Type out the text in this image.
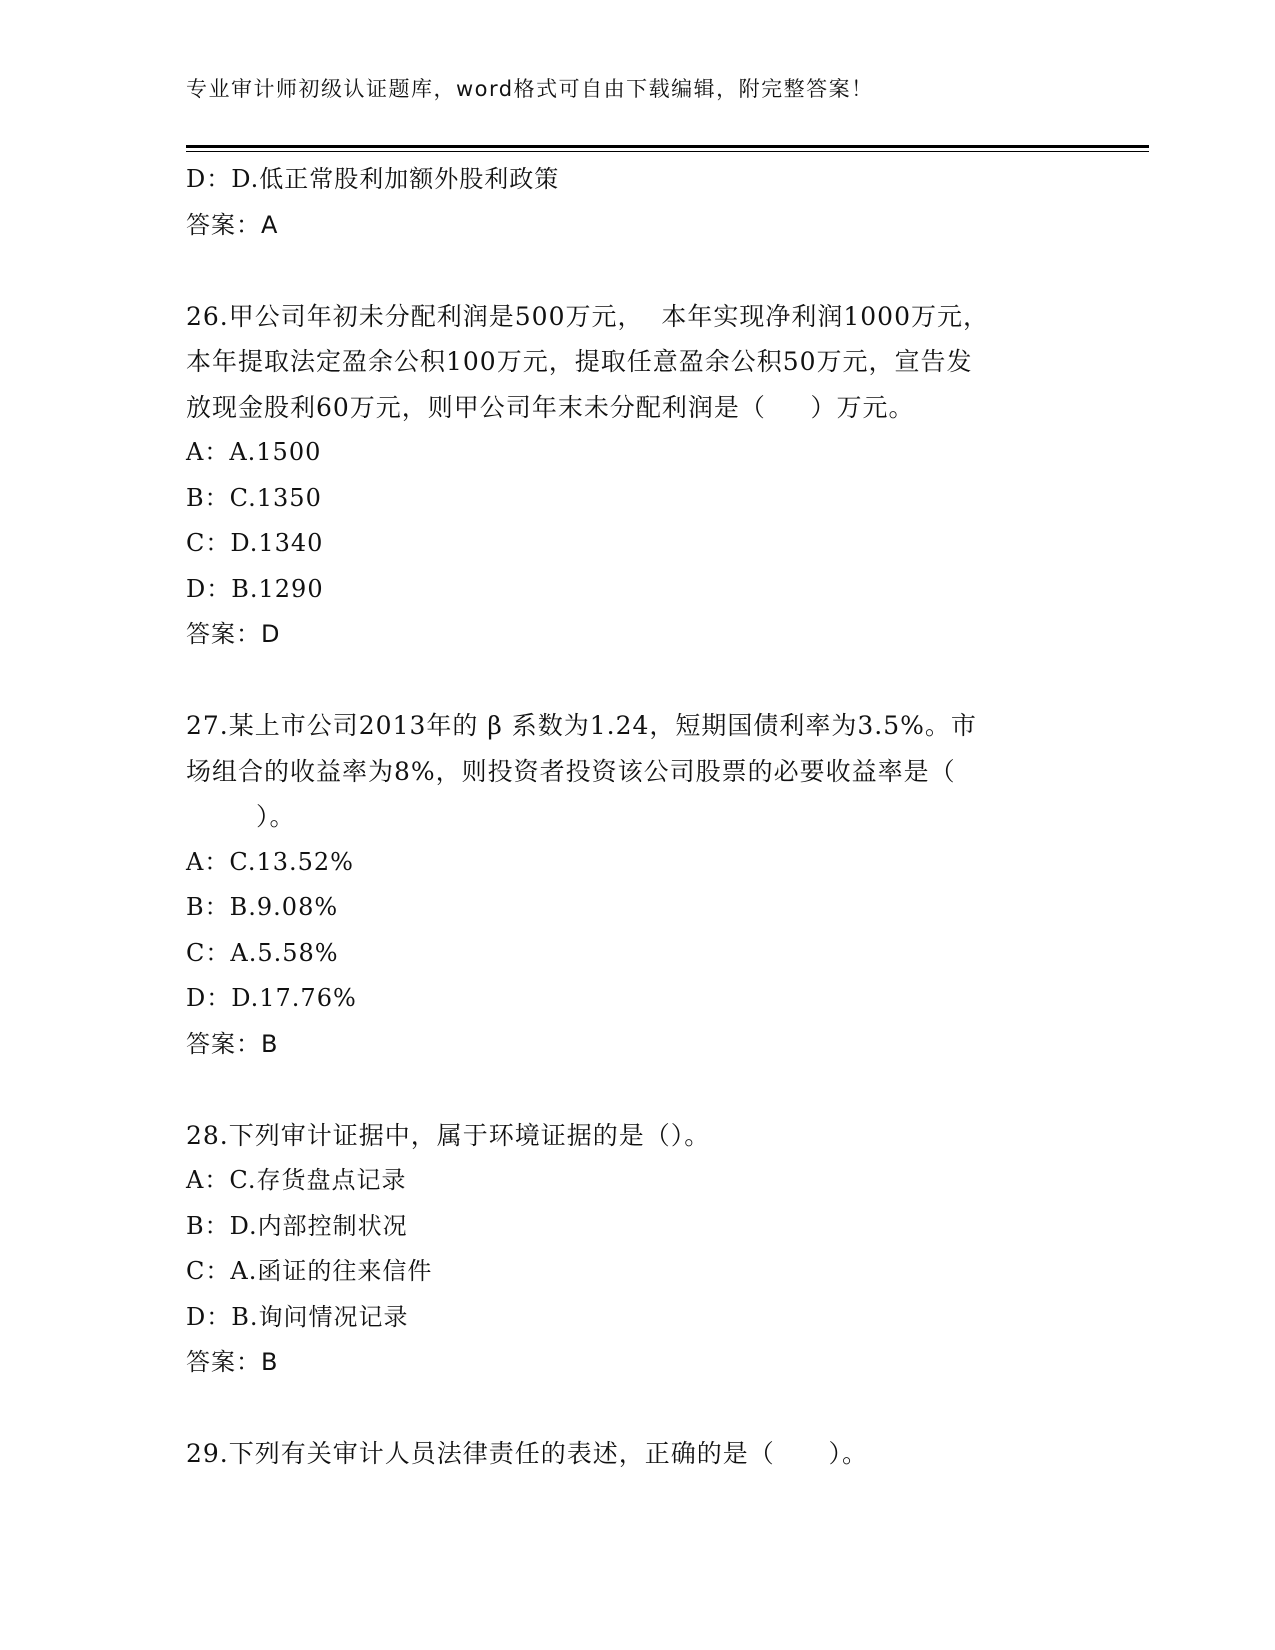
专业审计师初级认证题库，word格式可自由下载编辑，附完整答案！
D：D.低正常股利加额外股利政策
答案：A
26.甲公司年初未分配利润是500万元，  本年实现净利润1000万元，
本年提取法定盈余公积100万元，提取任意盈余公积50万元，宣告发
放现金股利60万元，则甲公司年末未分配利润是（     ）万元。
A：A.1500
B：C.1350
C：D.1340
D：B.1290
答案：D
27.某上市公司2013年的 β 系数为1.24，短期国债利率为3.5%。市
场组合的收益率为8%，则投资者投资该公司股票的必要收益率是（
）。
A：C.13.52%
B：B.9.08%
C：A.5.58%
D：D.17.76%
答案：B
28.下列审计证据中，属于环境证据的是（）。
A：C.存货盘点记录
B：D.内部控制状况
C：A.函证的往来信件
D：B.询问情况记录
答案：B
29.下列有关审计人员法律责任的表述，正确的是（      ）。
